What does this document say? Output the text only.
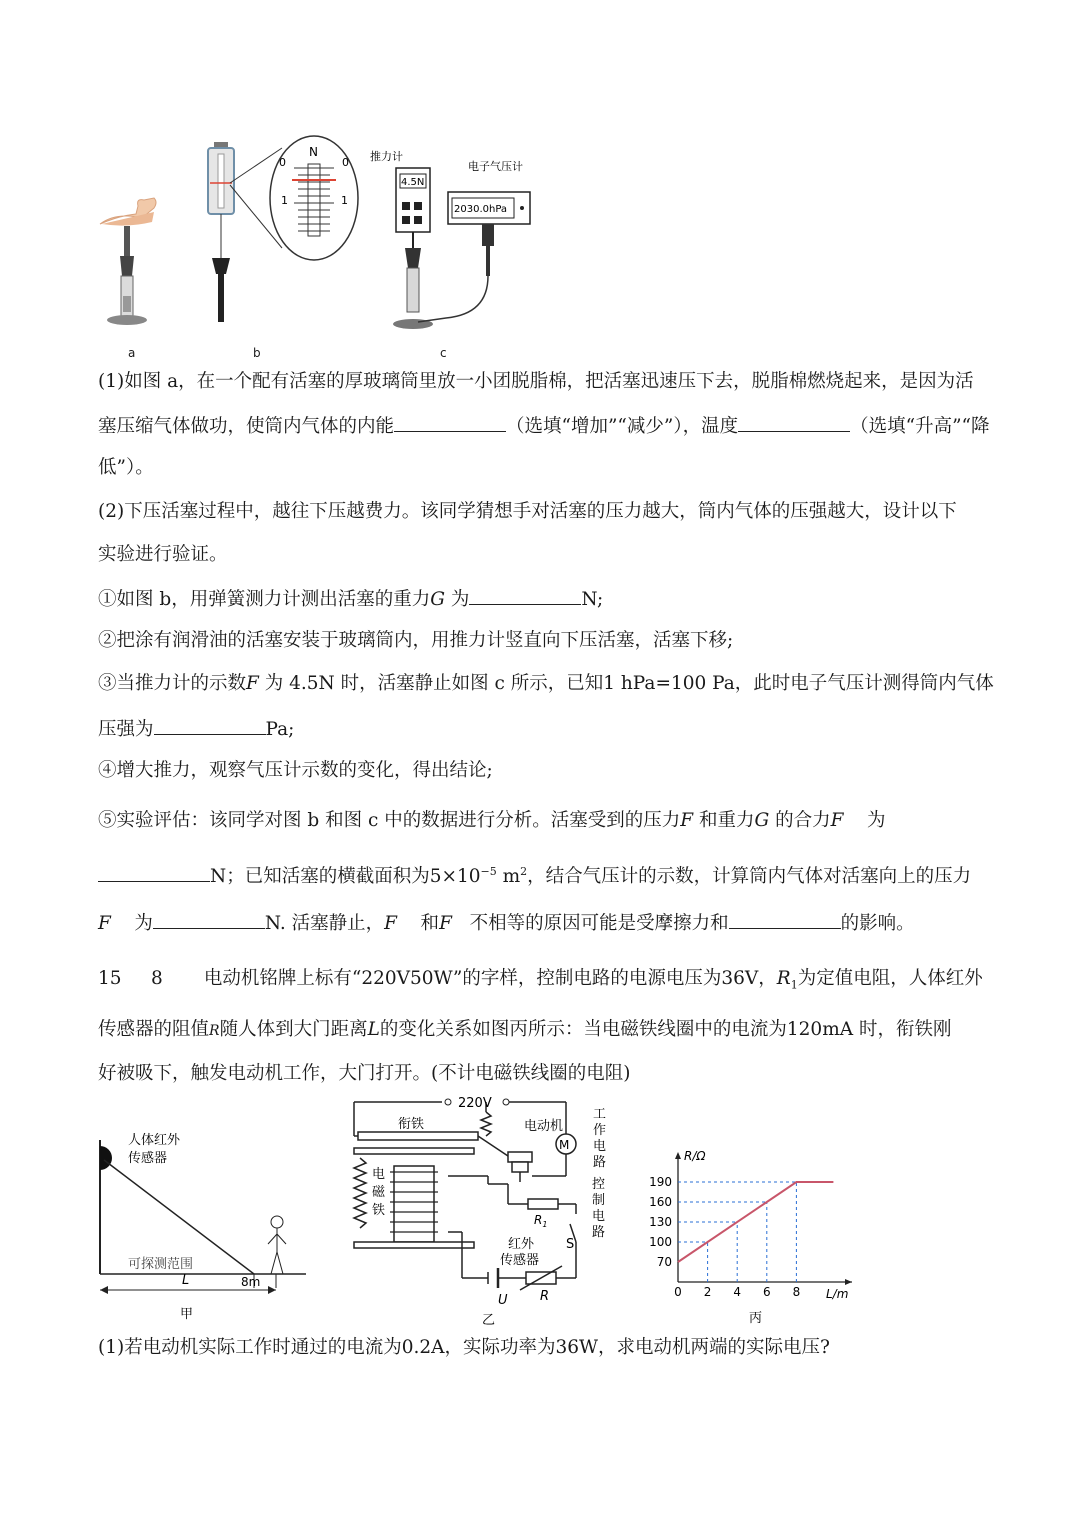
N
0	0
1	1
推力计
4.5N
电子气压计
2030.0hPa
a	b	c
(1)如图 a，在一个配有活塞的厚玻璃筒里放一小团脱脂棉，把活塞迅速压下去，脱脂棉燃烧起来，是因为活
塞压缩气体做功，使筒内气体的内能	（选填“增加”“减少”），温度	（选填“升高”“降
低”）。
(2)下压活塞过程中，越往下压越费力。该同学猜想手对活塞的压力越大，筒内气体的压强越大，设计以下
实验进行验证。
①如图 b，用弹簧测力计测出活塞的重力G 为	N;
②把涂有润滑油的活塞安装于玻璃筒内，用推力计竖直向下压活塞，活塞下移;
③当推力计的示数F 为 4.5N 时，活塞静止如图 c 所示，已知1 hPa=100 Pa，此时电子气压计测得筒内气体
压强为	Pa;
④增大推力，观察气压计示数的变化，得出结论;
⑤实验评估：该同学对图 b 和图 c 中的数据进行分析。活塞受到的压力F 和重力G 的合力F 为
N；已知活塞的横截面积为$5\times 10^{-5}$ $m^2$，结合气压计的示数，计算筒内气体对活塞向上的压力
F 为	N. 活塞静止，F 和F 不相等的原因可能是受摩擦力和	的影响。
15 8 电动机铭牌上标有“220V50W”的字样，控制电路的电源电压为36V，$R_1$为定值电阻，人体红外
传感器的阻值R随人体到大门距离L的变化关系如图丙所示：当电磁铁线圈中的电流为120mA 时，衔铁刚
好被吸下，触发电动机工作，大门打开。(不计电磁铁线圈的电阻)
人体红外
传感器
可探测范围
8m
L
甲
M
220V
衔铁	电动机
工
作
电
路
电
磁
铁
$R_1$
控
制
电
路
S
红外
传感器
U R
乙
70
100
130
160
190
0 2 4 6 8
R/Ω
L/m
丙
(1)若电动机实际工作时通过的电流为0.2A，实际功率为36W，求电动机两端的实际电压?
